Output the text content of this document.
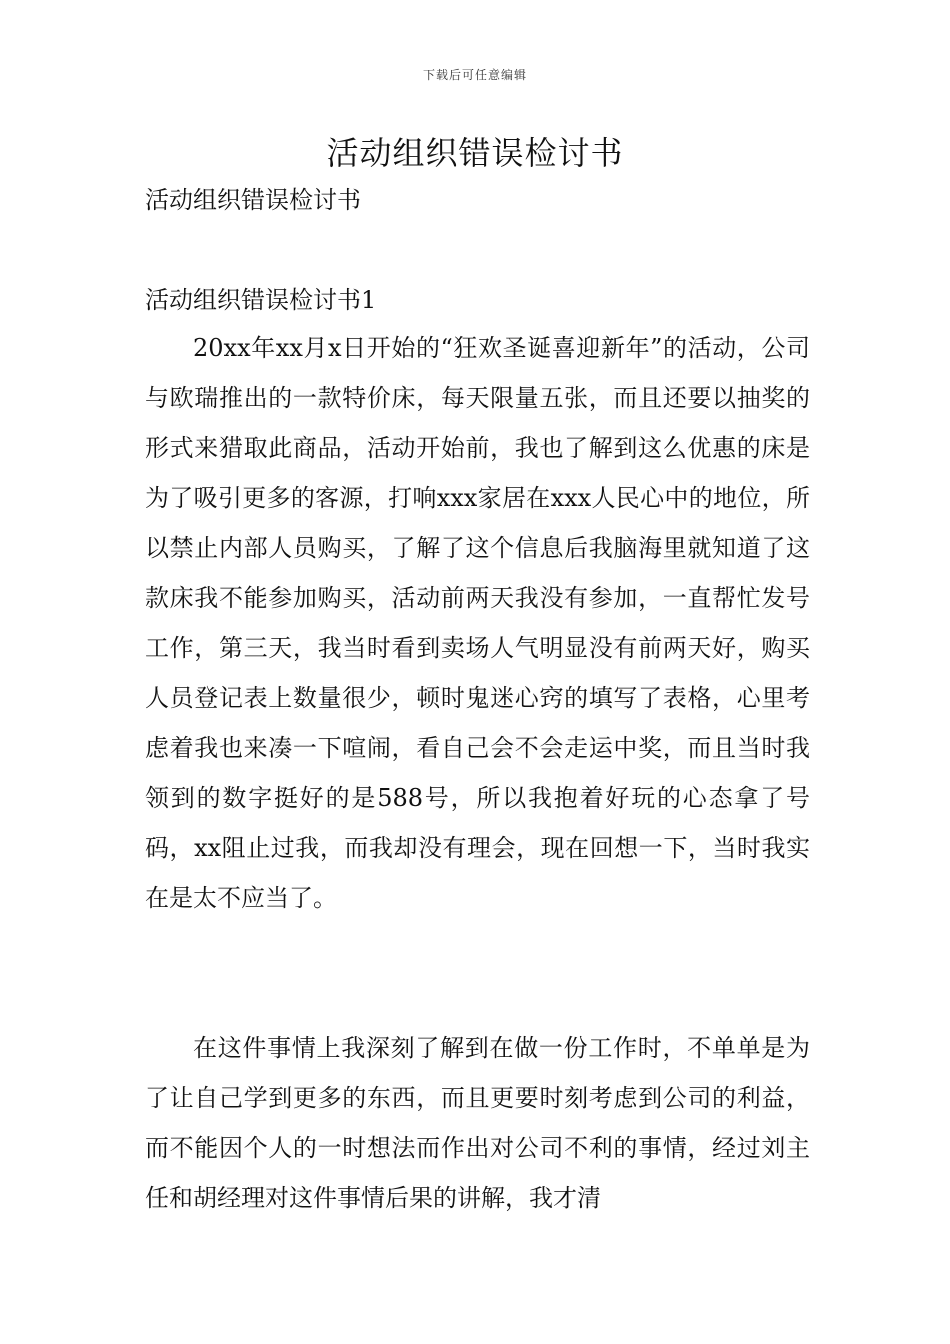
下载后可任意编辑
活动组织错误检讨书

活动组织错误检讨书

活动组织错误检讨书1

20xx年xx月x日开始的“狂欢圣诞喜迎新年”的活动，公司与欧瑞推出的一款特价床，每天限量五张，而且还要以抽奖的形式来猎取此商品，活动开始前，我也了解到这么优惠的床是为了吸引更多的客源，打响xxx家居在xxx人民心中的地位，所以禁止内部人员购买，了解了这个信息后我脑海里就知道了这款床我不能参加购买，活动前两天我没有参加，一直帮忙发号工作，第三天，我当时看到卖场人气明显没有前两天好，购买人员登记表上数量很少，顿时鬼迷心窍的填写了表格，心里考虑着我也来凑一下喧闹，看自己会不会走运中奖，而且当时我领到的数字挺好的是588号，所以我抱着好玩的心态拿了号码，xx阻止过我，而我却没有理会，现在回想一下，当时我实在是太不应当了。

在这件事情上我深刻了解到在做一份工作时，不单单是为了让自己学到更多的东西，而且更要时刻考虑到公司的利益，而不能因个人的一时想法而作出对公司不利的事情，经过刘主任和胡经理对这件事情后果的讲解，我才清
